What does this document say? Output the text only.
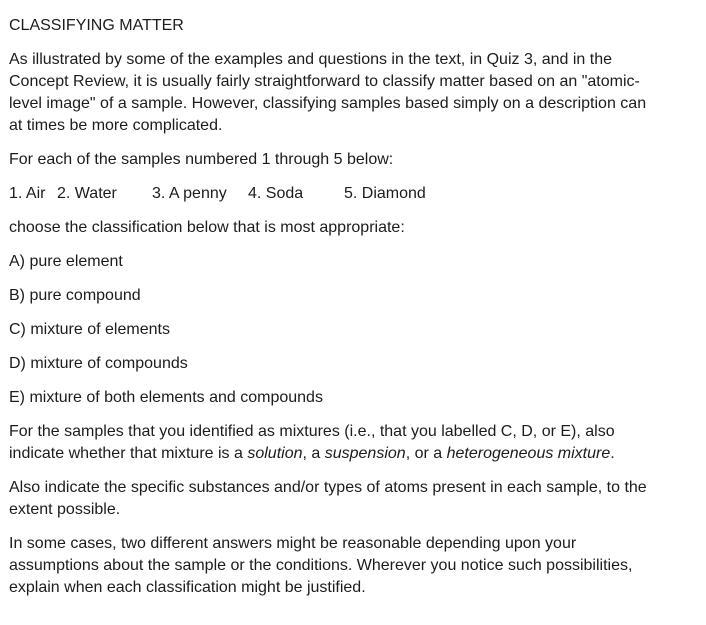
CLASSIFYING MATTER

As illustrated by some of the examples and questions in the text, in Quiz 3, and in the Concept Review, it is usually fairly straightforward to classify matter based on an "atomic-level image" of a sample. However, classifying samples based simply on a description can at times be more complicated.

For each of the samples numbered 1 through 5 below:

1. Air 2. Water 3. A penny 4. Soda	5. Diamond

choose the classification below that is most appropriate:

A) pure element

B) pure compound

C) mixture of elements

D) mixture of compounds

E) mixture of both elements and compounds

For the samples that you identified as mixtures (i.e., that you labelled C, D, or E), also indicate whether that mixture is a solution, a suspension, or a heterogeneous mixture.

Also indicate the specific substances and/or types of atoms present in each sample, to the extent possible.

In some cases, two different answers might be reasonable depending upon your assumptions about the sample or the conditions. Wherever you notice such possibilities, explain when each classification might be justified.
